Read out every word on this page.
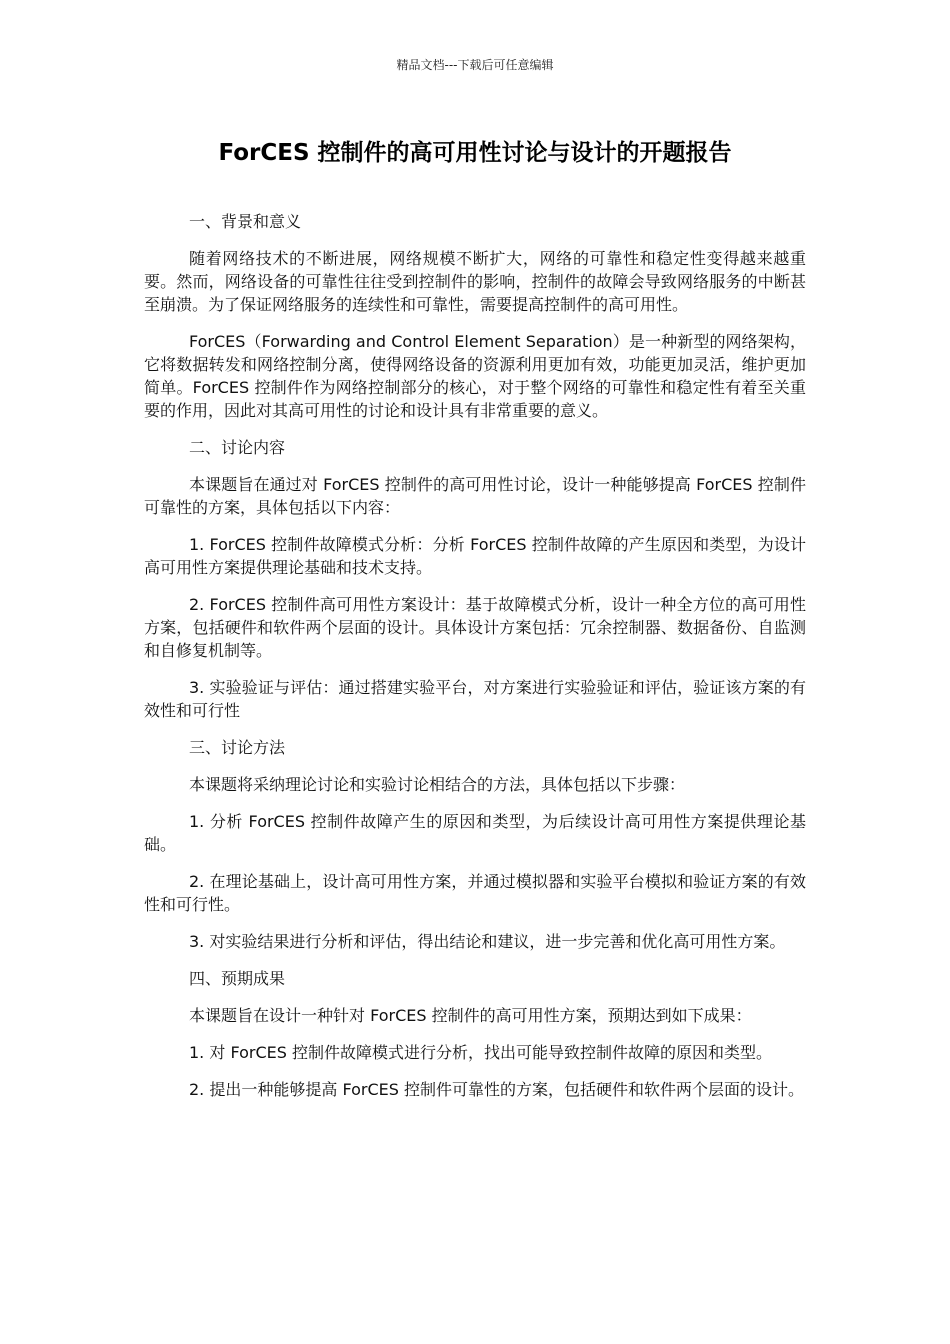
精品文档---下载后可任意编辑
ForCES 控制件的高可用性讨论与设计的开题报告

一、背景和意义

随着网络技术的不断进展，网络规模不断扩大，网络的可靠性和稳定性变得越来越重要。然而，网络设备的可靠性往往受到控制件的影响，控制件的故障会导致网络服务的中断甚至崩溃。为了保证网络服务的连续性和可靠性，需要提高控制件的高可用性。

ForCES（Forwarding and Control Element Separation）是一种新型的网络架构，它将数据转发和网络控制分离，使得网络设备的资源利用更加有效，功能更加灵活，维护更加简单。ForCES 控制件作为网络控制部分的核心，对于整个网络的可靠性和稳定性有着至关重要的作用，因此对其高可用性的讨论和设计具有非常重要的意义。

二、讨论内容

本课题旨在通过对 ForCES 控制件的高可用性讨论，设计一种能够提高 ForCES 控制件可靠性的方案，具体包括以下内容：

1. ForCES 控制件故障模式分析：分析 ForCES 控制件故障的产生原因和类型，为设计高可用性方案提供理论基础和技术支持。

2. ForCES 控制件高可用性方案设计：基于故障模式分析，设计一种全方位的高可用性方案，包括硬件和软件两个层面的设计。具体设计方案包括：冗余控制器、数据备份、自监测和自修复机制等。

3. 实验验证与评估：通过搭建实验平台，对方案进行实验验证和评估，验证该方案的有效性和可行性

三、讨论方法

本课题将采纳理论讨论和实验讨论相结合的方法，具体包括以下步骤：

1. 分析 ForCES 控制件故障产生的原因和类型，为后续设计高可用性方案提供理论基础。

2. 在理论基础上，设计高可用性方案，并通过模拟器和实验平台模拟和验证方案的有效性和可行性。

3. 对实验结果进行分析和评估，得出结论和建议，进一步完善和优化高可用性方案。

四、预期成果

本课题旨在设计一种针对 ForCES 控制件的高可用性方案，预期达到如下成果：

1. 对 ForCES 控制件故障模式进行分析，找出可能导致控制件故障的原因和类型。

2. 提出一种能够提高 ForCES 控制件可靠性的方案，包括硬件和软件两个层面的设计。
